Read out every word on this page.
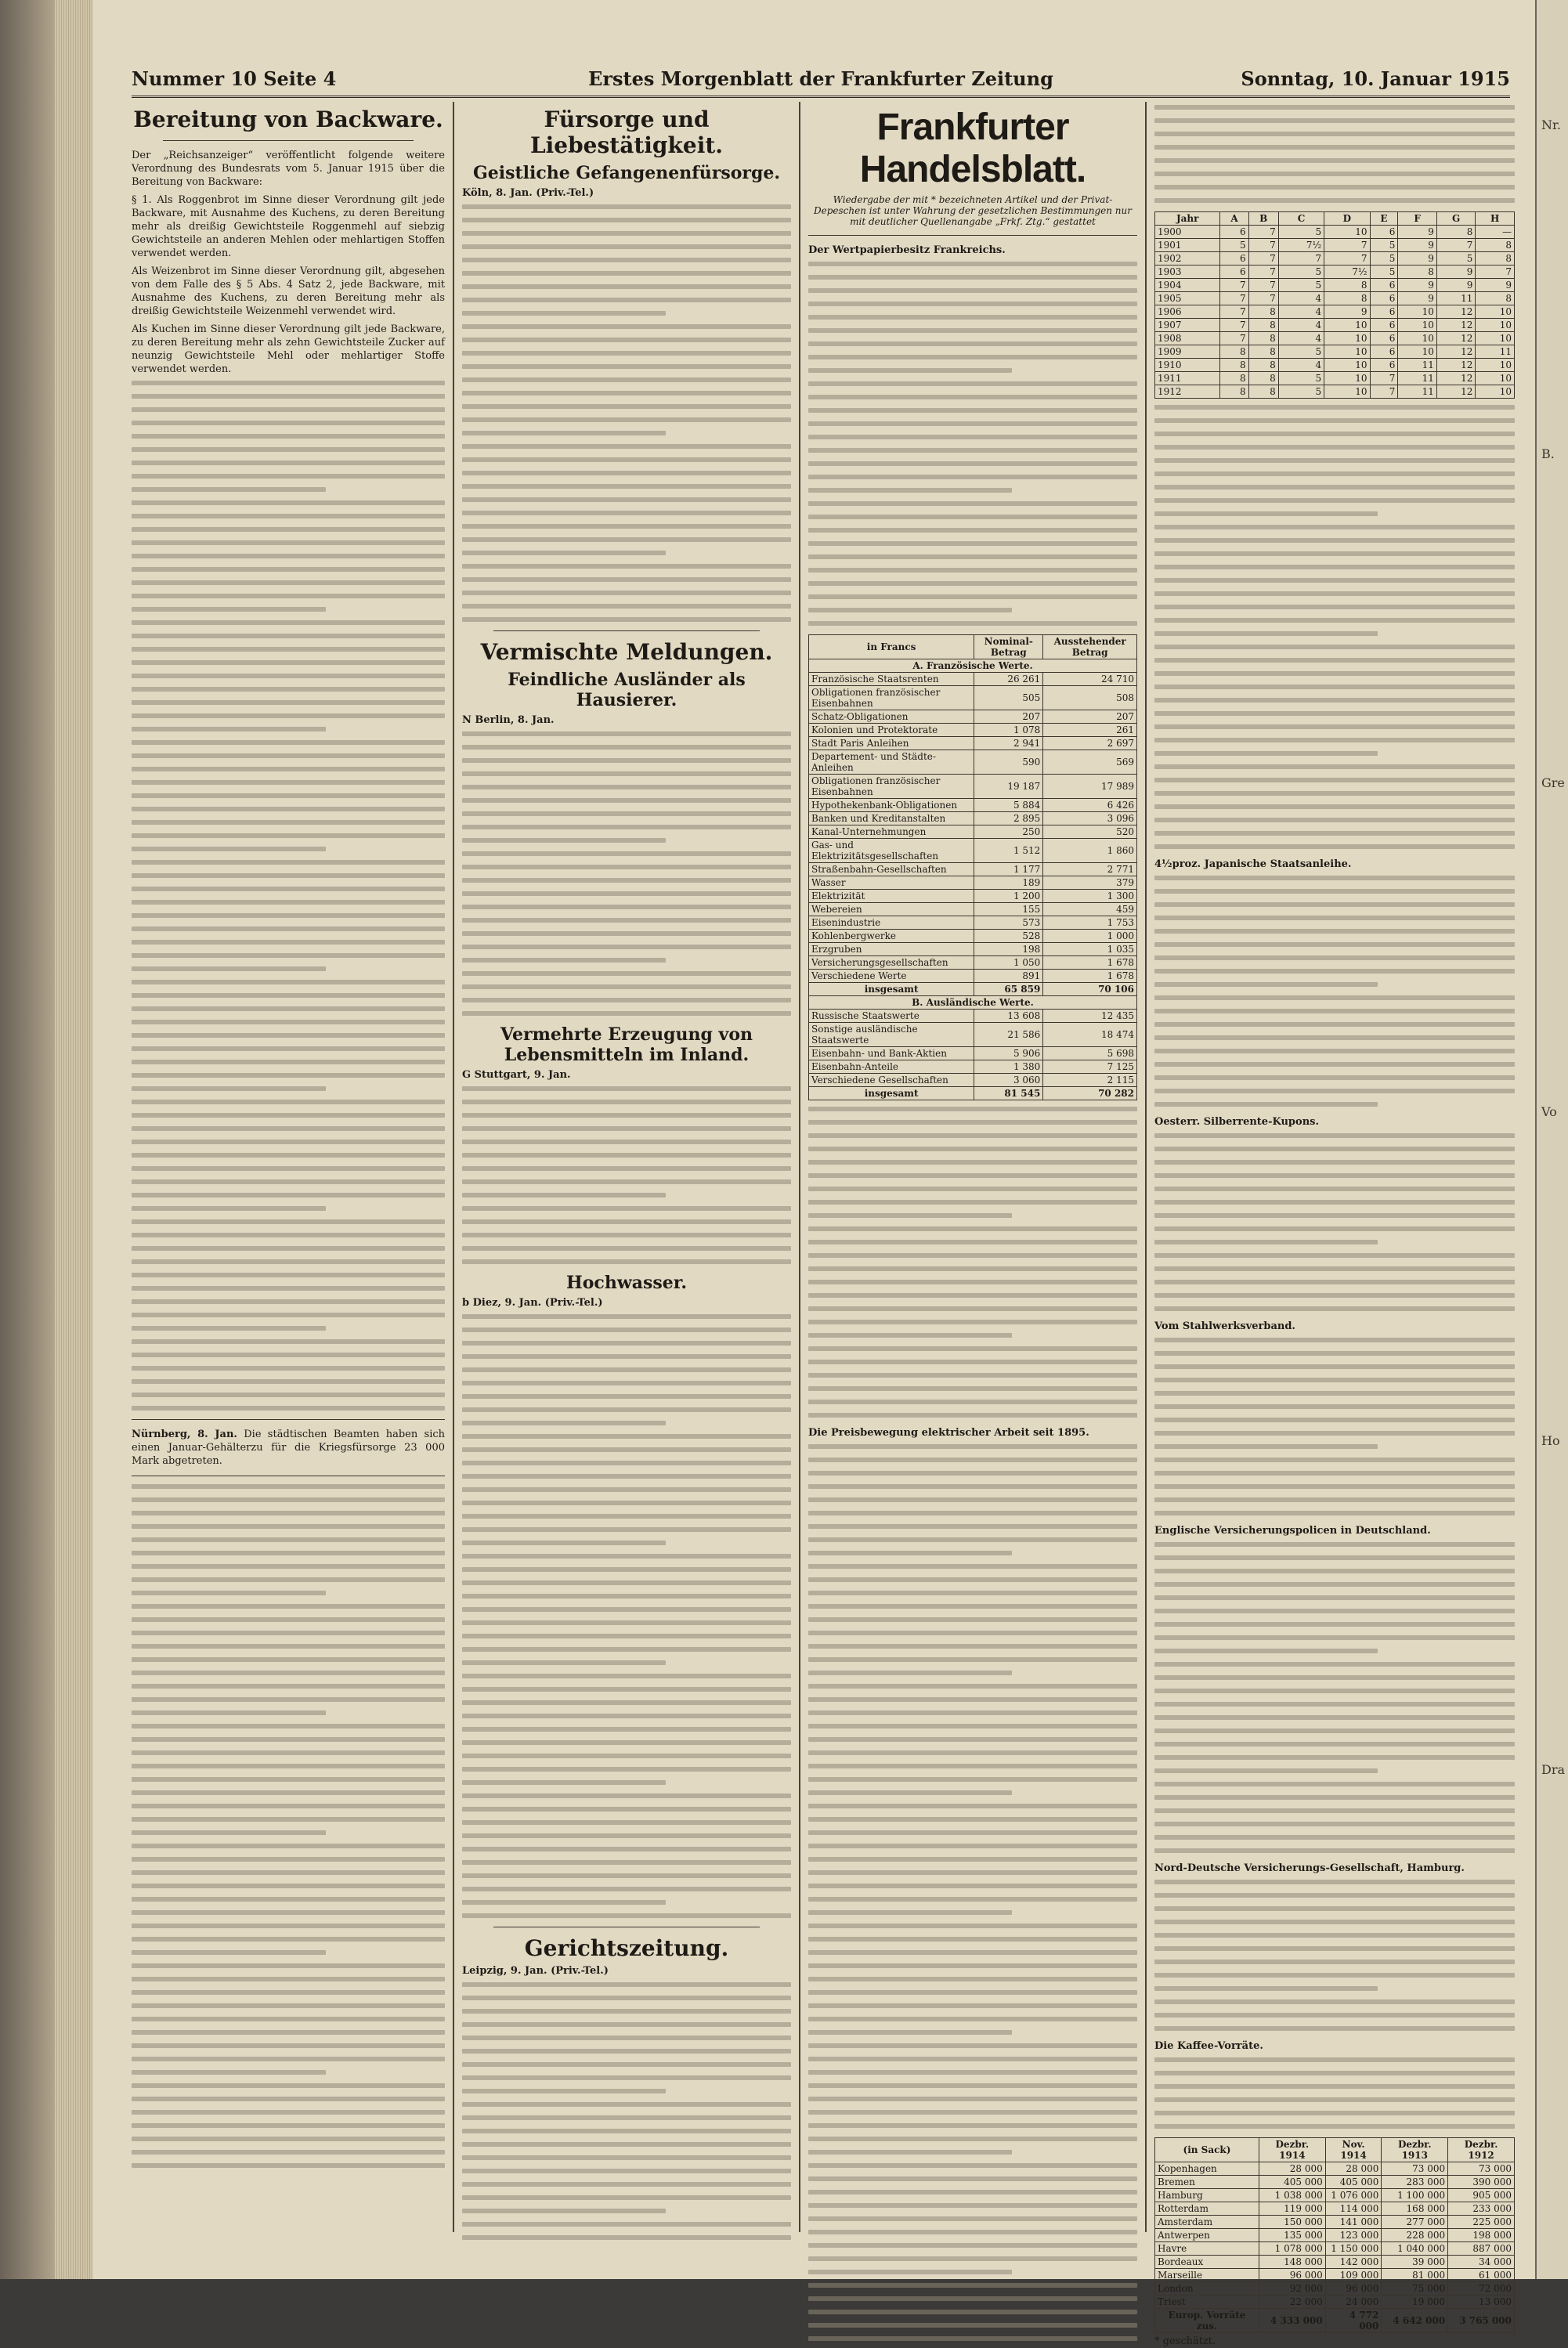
Nummer 10 Seite 4	Erstes Morgenblatt der Frankfurter Zeitung	Sonntag, 10. Januar 1915
Bereitung von Backware.
Der „Reichsanzeiger“ veröffentlicht folgende weitere Verordnung des Bundesrats vom 5. Januar 1915 über die Bereitung von Backware:
§ 1. Als Roggenbrot im Sinne dieser Verordnung gilt jede Backware, mit Ausnahme des Kuchens, zu deren Bereitung mehr als dreißig Gewichtsteile Roggenmehl auf siebzig Gewichtsteile an anderen Mehlen oder mehlartigen Stoffen verwendet werden.
Als Weizenbrot im Sinne dieser Verordnung gilt, abgesehen von dem Falle des § 5 Abs. 4 Satz 2, jede Backware, mit Ausnahme des Kuchens, zu deren Bereitung mehr als dreißig Gewichtsteile Weizenmehl verwendet wird.
Als Kuchen im Sinne dieser Verordnung gilt jede Backware, zu deren Bereitung mehr als zehn Gewichtsteile Zucker auf neunzig Gewichtsteile Mehl oder mehlartiger Stoffe verwendet werden.
Nürnberg, 8. Jan. Die städtischen Beamten haben sich einen Januar-Gehälterzu für die Kriegsfürsorge 23 000 Mark abgetreten.
Fürsorge und Liebestätigkeit.
Geistliche Gefangenenfürsorge.
Köln, 8. Jan. (Priv.-Tel.)
Vermischte Meldungen.
Feindliche Ausländer als Hausierer.
N Berlin, 8. Jan.
Vermehrte Erzeugung von Lebensmitteln im Inland.
G Stuttgart, 9. Jan.
Hochwasser.
b Diez, 9. Jan. (Priv.-Tel.)
Gerichtszeitung.
Leipzig, 9. Jan. (Priv.-Tel.)
Frankfurter Handelsblatt.
Wiedergabe der mit * bezeichneten Artikel und der Privat-Depeschen ist unter Wahrung der gesetzlichen Bestimmungen nur mit deutlicher Quellenangabe „Frkf. Ztg.“ gestattet
Der Wertpapierbesitz Frankreichs.
in Francs	Nominal-Betrag	Ausstehender Betrag
A. Französische Werte.		
Französische Staatsrenten	26 261	24 710
Obligationen französischer Eisenbahnen	505	508
Schatz-Obligationen	207	207
Kolonien und Protektorate	1 078	261
Stadt Paris Anleihen	2 941	2 697
Departement- und Städte-Anleihen	590	569
Obligationen französischer Eisenbahnen	19 187	17 989
Hypothekenbank-Obligationen	5 884	6 426
Banken und Kreditanstalten	2 895	3 096
Kanal-Unternehmungen	250	520
Gas- und Elektrizitätsgesellschaften	1 512	1 860
Straßenbahn-Gesellschaften	1 177	2 771
Wasser	189	379
Elektrizität	1 200	1 300
Webereien	155	459
Eisenindustrie	573	1 753
Kohlenbergwerke	528	1 000
Erzgruben	198	1 035
Versicherungsgesellschaften	1 050	1 678
Verschiedene Werte	891	1 678
insgesamt	65 859	70 106
B. Ausländische Werte.		
Russische Staatswerte	13 608	12 435
Sonstige ausländische Staatswerte	21 586	18 474
Eisenbahn- und Bank-Aktien	5 906	5 698
Eisenbahn-Anteile	1 380	7 125
Verschiedene Gesellschaften	3 060	2 115
insgesamt	81 545	70 282
Die Preisbewegung elektrischer Arbeit seit 1895.
Jahr	A	B	C	D	E	F	G	H
1900	6	7	5	10	6	9	8	—
1901	5	7	7½	7	5	9	7	8
1902	6	7	7	7	5	9	5	8
1903	6	7	5	7½	5	8	9	7
1904	7	7	5	8	6	9	9	9
1905	7	7	4	8	6	9	11	8
1906	7	8	4	9	6	10	12	10
1907	7	8	4	10	6	10	12	10
1908	7	8	4	10	6	10	12	10
1909	8	8	5	10	6	10	12	11
1910	8	8	4	10	6	11	12	10
1911	8	8	5	10	7	11	12	10
1912	8	8	5	10	7	11	12	10
4½proz. Japanische Staatsanleihe.
Oesterr. Silberrente-Kupons.
Vom Stahlwerksverband.
Englische Versicherungspolicen in Deutschland.
Nord-Deutsche Versicherungs-Gesellschaft, Hamburg.
Die Kaffee-Vorräte.
(in Sack)	Dezbr. 1914	Nov. 1914	Dezbr. 1913	Dezbr. 1912
Kopenhagen	28 000	28 000	73 000	73 000
Bremen	405 000	405 000	283 000	390 000
Hamburg	1 038 000	1 076 000	1 100 000	905 000
Rotterdam	119 000	114 000	168 000	233 000
Amsterdam	150 000	141 000	277 000	225 000
Antwerpen	135 000	123 000	228 000	198 000
Havre	1 078 000	1 150 000	1 040 000	887 000
Bordeaux	148 000	142 000	39 000	34 000
Marseille	96 000	109 000	81 000	61 000
London	92 000	96 000	75 000	72 000
Triest	22 000	24 000	19 000	13 000
Europ. Vorräte zus.	4 333 000	4 772 000	4 642 000	3 765 000
* geschätzt.
Nr.
B.
Gre
Vo
Ho
Dra
